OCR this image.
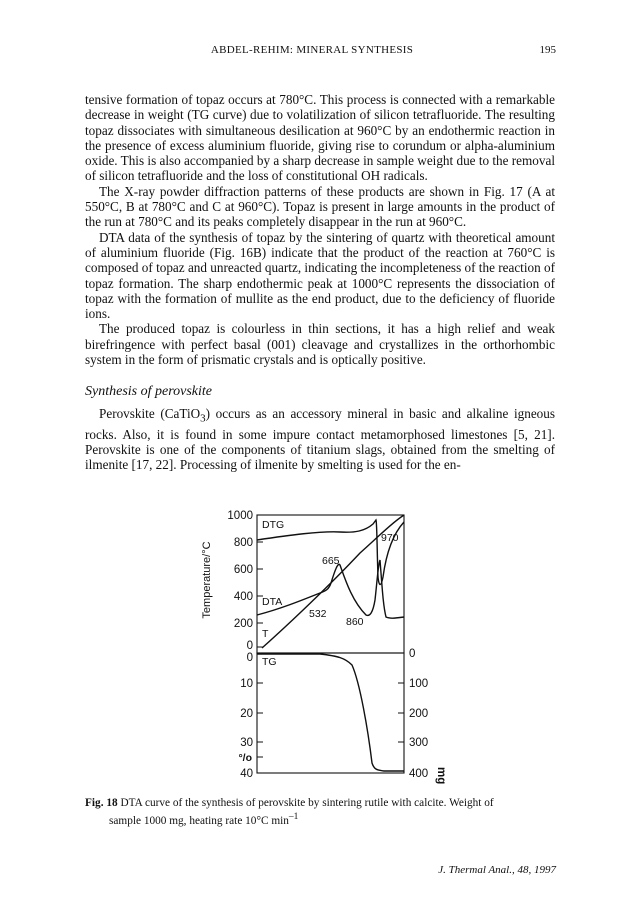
ABDEL-REHIM: MINERAL SYNTHESIS	195

tensive formation of topaz occurs at 780°C. This process is connected with a remarkable decrease in weight (TG curve) due to volatilization of silicon tetrafluoride. The resulting topaz dissociates with simultaneous desilication at 960°C by an endothermic reaction in the presence of excess aluminium fluoride, giving rise to corundum or alpha-aluminium oxide. This is also accompanied by a sharp decrease in sample weight due to the removal of silicon tetrafluoride and the loss of constitutional OH radicals.

The X-ray powder diffraction patterns of these products are shown in Fig. 17 (A at 550°C, B at 780°C and C at 960°C). Topaz is present in large amounts in the product of the run at 780°C and its peaks completely disappear in the run at 960°C.

DTA data of the synthesis of topaz by the sintering of quartz with theoretical amount of aluminium fluoride (Fig. 16B) indicate that the product of the reaction at 760°C is composed of topaz and unreacted quartz, indicating the incompleteness of the reaction of topaz formation. The sharp endothermic peak at 1000°C represents the dissociation of topaz with the formation of mullite as the end product, due to the deficiency of fluoride ions.

The produced topaz is colourless in thin sections, it has a high relief and weak birefringence with perfect basal (001) cleavage and crystallizes in the orthorhombic system in the form of prismatic crystals and is optically positive.

Synthesis of perovskite

Perovskite (CaTiO$_3$) occurs as an accessory mineral in basic and alkaline igneous rocks. Also, it is found in some impure contact metamorphosed limestones [5, 21]. Perovskite is one of the components of titanium slags, obtained from the smelting of ilmenite [17, 22]. Processing of ilmenite by smelting is used for the en-

Temperature/°C
1000
800
600
400
200
0
0
10
20
30
°/o
40
0
100
200
300
400 mg
DTG
DTA
T
TG
970
665
532
860
Fig. 18 DTA curve of the synthesis of perovskite by sintering rutile with calcite. Weight of
sample 1000 mg, heating rate 10°C $\min^{-1}$
J. Thermal Anal., 48, 1997
